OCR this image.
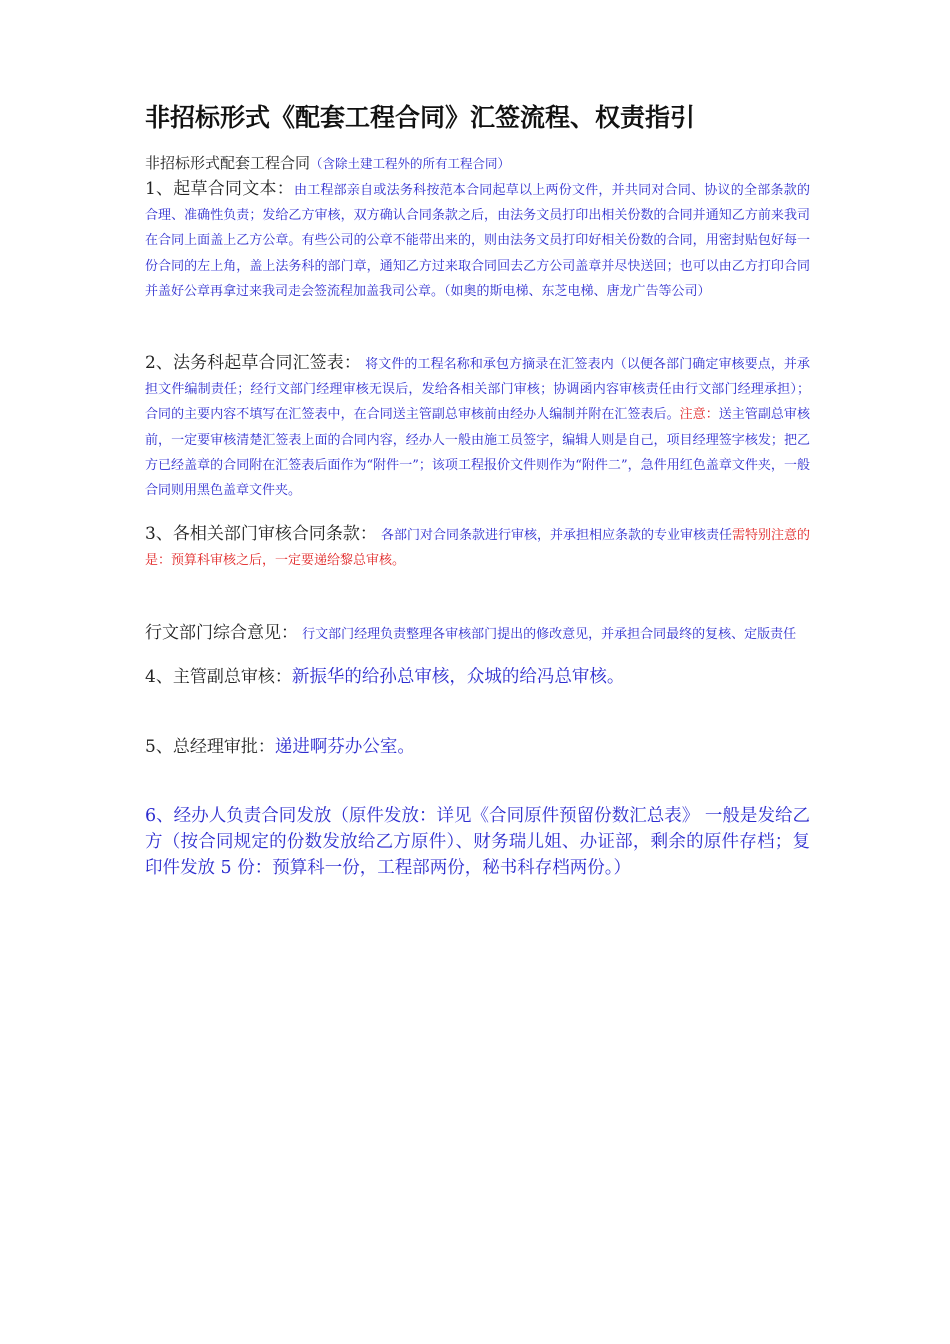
非招标形式《配套工程合同》汇签流程、权责指引
非招标形式配套工程合同（含除土建工程外的所有工程合同）

1、起草合同文本：由工程部亲自或法务科按范本合同起草以上两份文件，并共同对合同、协议的全部条款的合理、准确性负责；发给乙方审核，双方确认合同条款之后，由法务文员打印出相关份数的合同并通知乙方前来我司在合同上面盖上乙方公章。有些公司的公章不能带出来的，则由法务文员打印好相关份数的合同，用密封贴包好每一份合同的左上角，盖上法务科的部门章，通知乙方过来取合同回去乙方公司盖章并尽快送回；也可以由乙方打印合同并盖好公章再拿过来我司走会签流程加盖我司公章。（如奥的斯电梯、东芝电梯、唐龙广告等公司）

2、法务科起草合同汇签表： 将文件的工程名称和承包方摘录在汇签表内（以便各部门确定审核要点，并承担文件编制责任；经行文部门经理审核无误后，发给各相关部门审核；协调函内容审核责任由行文部门经理承担）；合同的主要内容不填写在汇签表中，在合同送主管副总审核前由经办人编制并附在汇签表后。注意：送主管副总审核前，一定要审核清楚汇签表上面的合同内容，经办人一般由施工员签字，编辑人则是自己，项目经理签字核发；把乙方已经盖章的合同附在汇签表后面作为“附件一”；该项工程报价文件则作为“附件二”，急件用红色盖章文件夹，一般合同则用黑色盖章文件夹。

3、各相关部门审核合同条款： 各部门对合同条款进行审核，并承担相应条款的专业审核责任需特别注意的是：预算科审核之后，一定要递给黎总审核。

行文部门综合意见： 行文部门经理负责整理各审核部门提出的修改意见，并承担合同最终的复核、定版责任

4、主管副总审核：新振华的给孙总审核，众城的给冯总审核。

5、总经理审批：递进啊芬办公室。

6、经办人负责合同发放（原件发放：详见《合同原件预留份数汇总表》 一般是发给乙方（按合同规定的份数发放给乙方原件）、财务瑞儿姐、办证部，剩余的原件存档；复印件发放 5 份：预算科一份，工程部两份，秘书科存档两份。）
